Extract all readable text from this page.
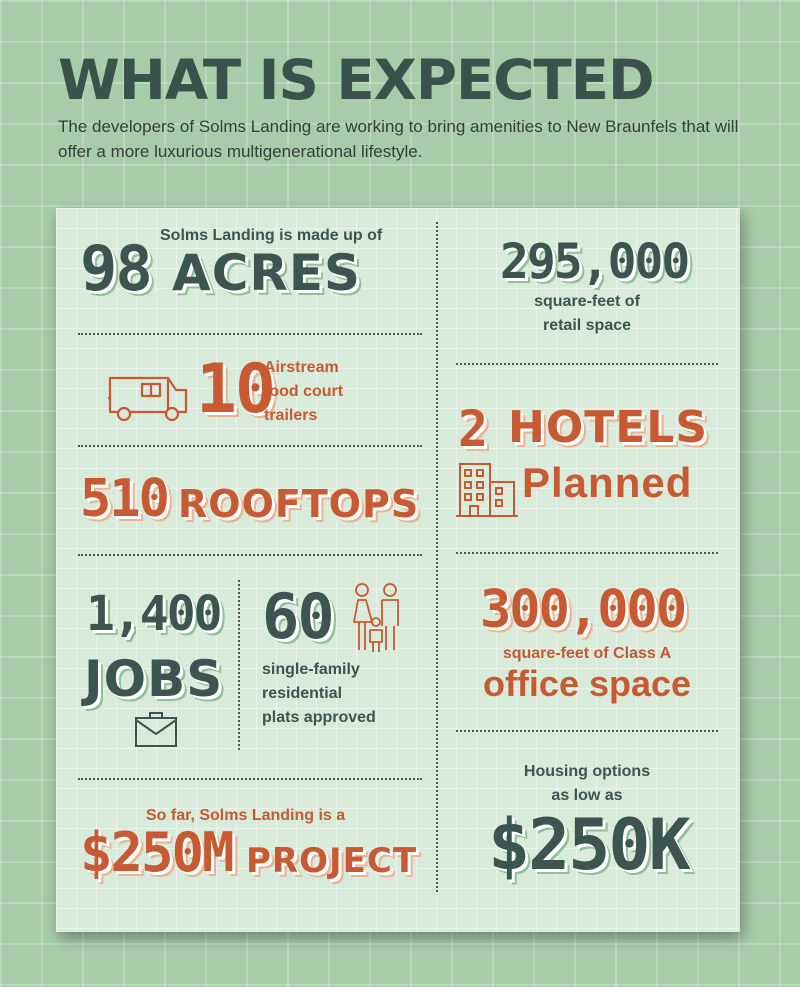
WHAT IS EXPECTED
The developers of Solms Landing are working to bring amenities to New Braunfels that will offer a more luxurious multigenerational lifestyle.
Solms Landing is made up of
98 ACRES	295,000
square-feet of
retail space
10
Airstream
food court
trailers	2 HOTELS
Planned
510 ROOFTOPS
1,400
JOBS
60
single-family
residential
plats approved
300,000
square-feet of Class A
office space
So far, Solms Landing is a
$250M PROJECT
Housing options
as low as
$250K
